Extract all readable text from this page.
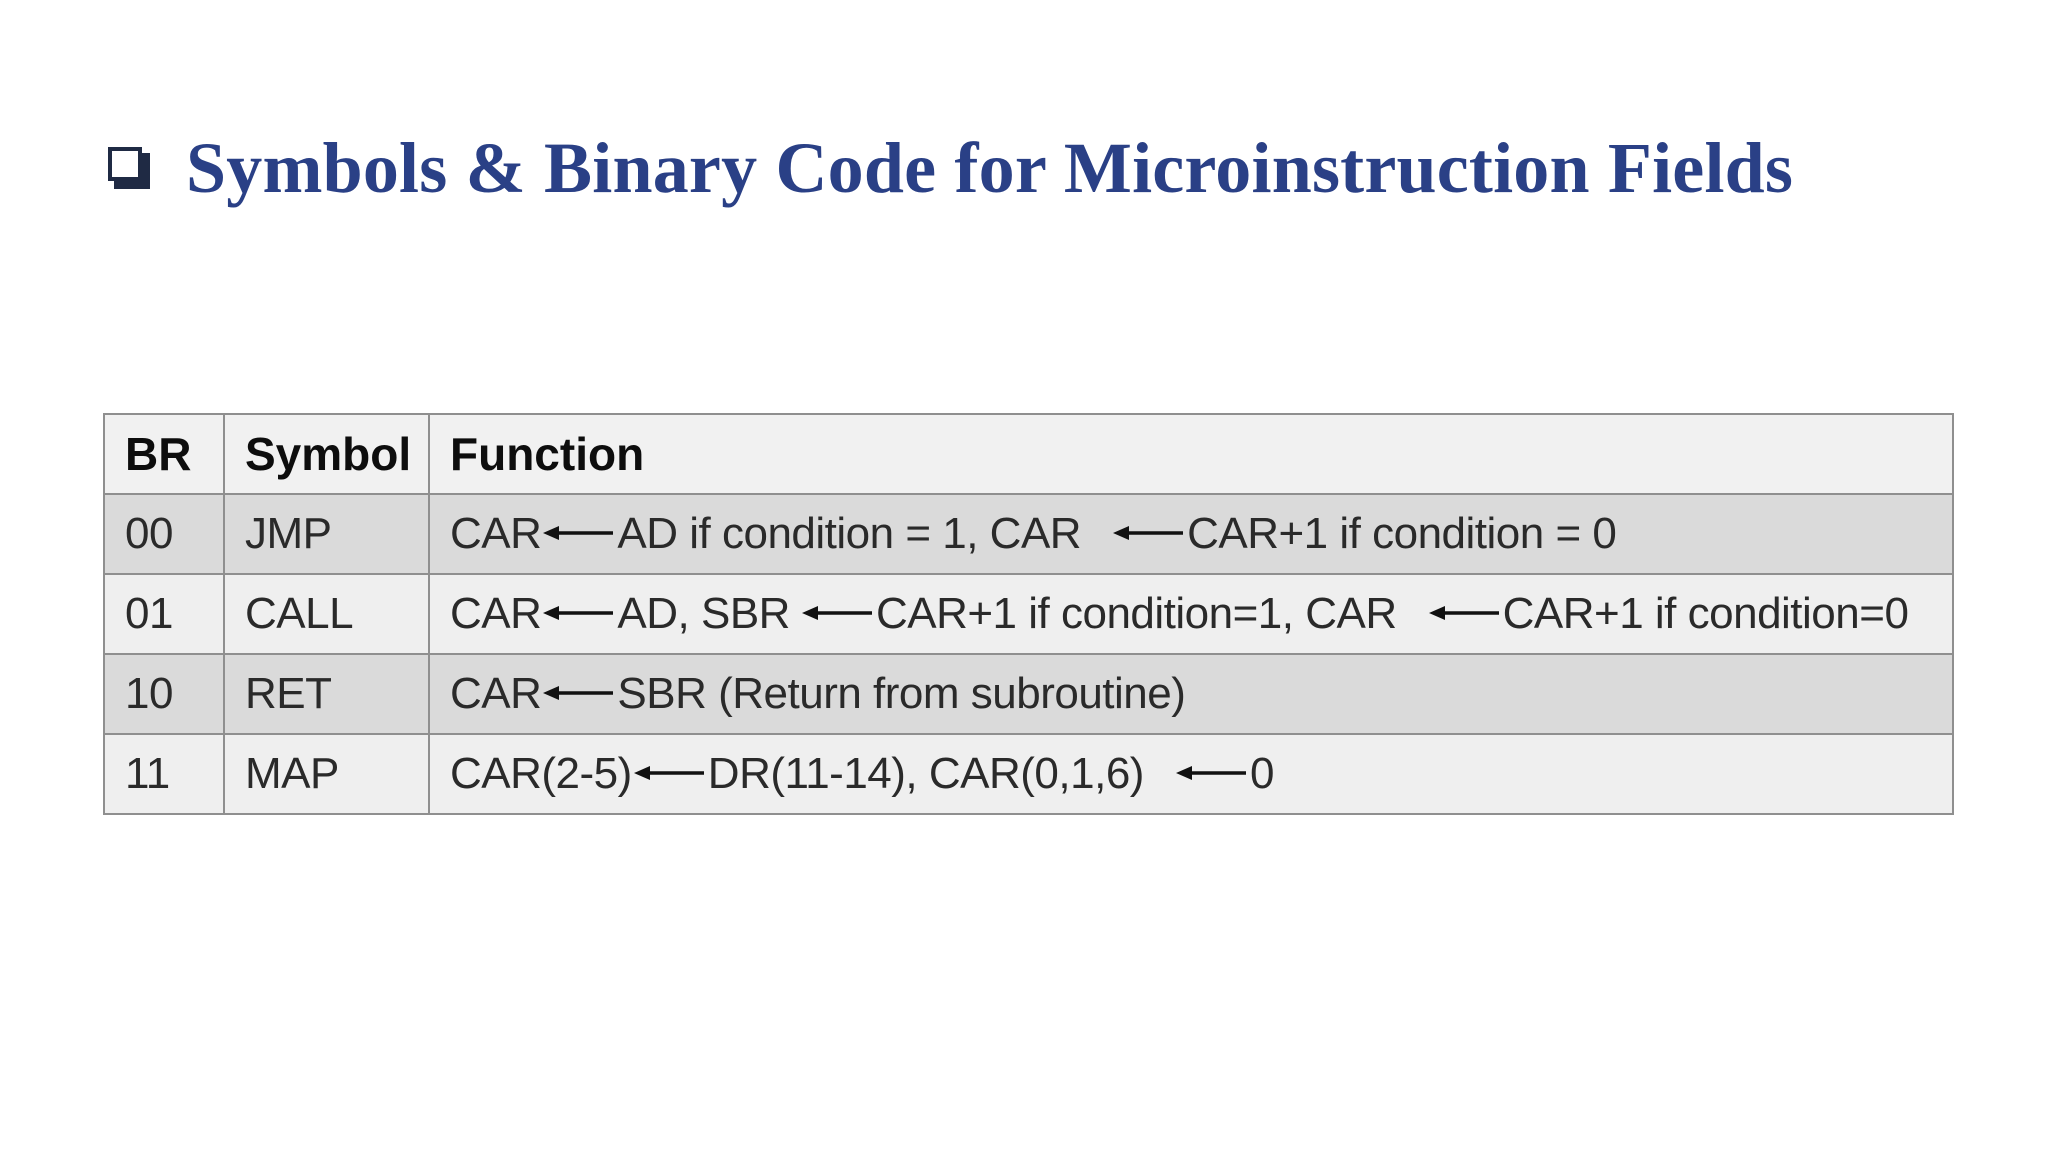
Symbols & Binary Code for Microinstruction Fields
BR	Symbol	Function
00	JMP	CAR AD if condition = 1, CAR CAR+1 if condition = 0
01	CALL	CAR AD, SBR CAR+1 if condition=1, CAR CAR+1 if condition=0
10	RET	CAR SBR (Return from subroutine)
11	MAP	CAR(2-5) DR(11-14), CAR(0,1,6) 0
